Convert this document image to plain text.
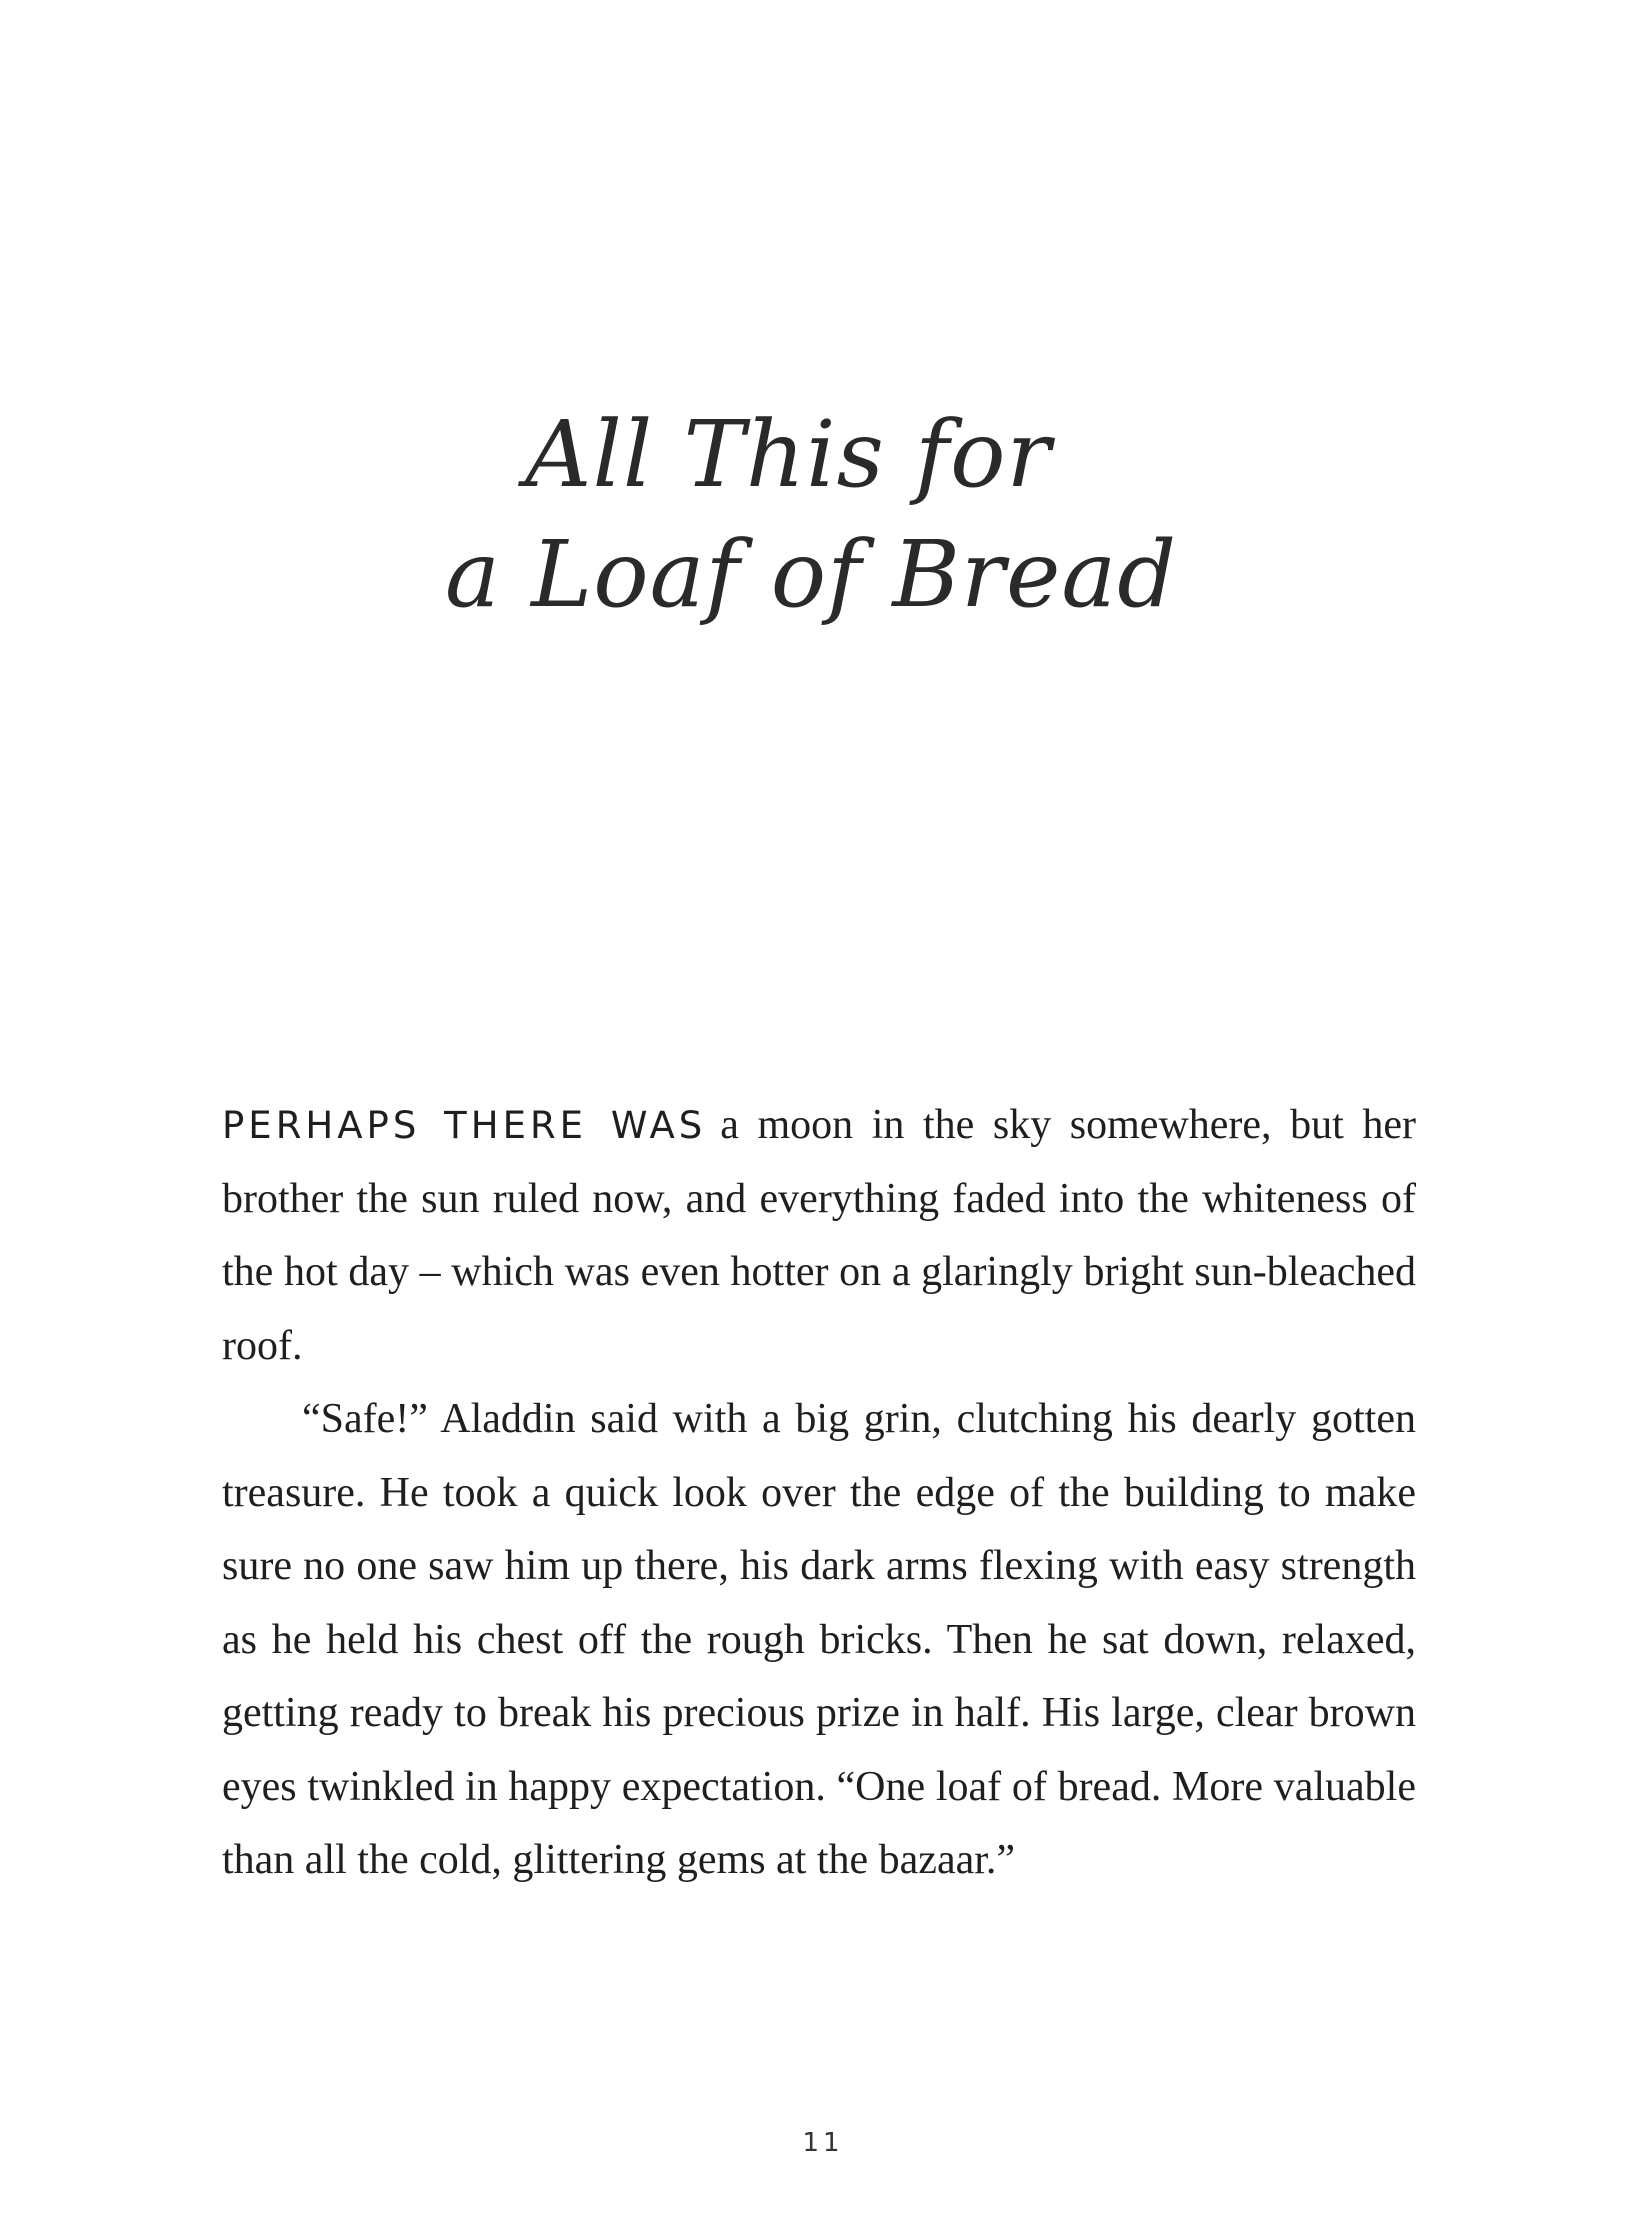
All This for
a Loaf of Bread

PERHAPS THERE WAS a moon in the sky somewhere, but her brother the sun ruled now, and everything faded into the whiteness of the hot day – which was even hotter on a glaringly bright sun-bleached roof.

“Safe!” Aladdin said with a big grin, clutching his dearly gotten treasure. He took a quick look over the edge of the building to make sure no one saw him up there, his dark arms flexing with easy strength as he held his chest off the rough bricks. Then he sat down, relaxed, getting ready to break his precious prize in half. His large, clear brown eyes twinkled in happy expectation. “One loaf of bread. More valuable than all the cold, glittering gems at the bazaar.”

11
